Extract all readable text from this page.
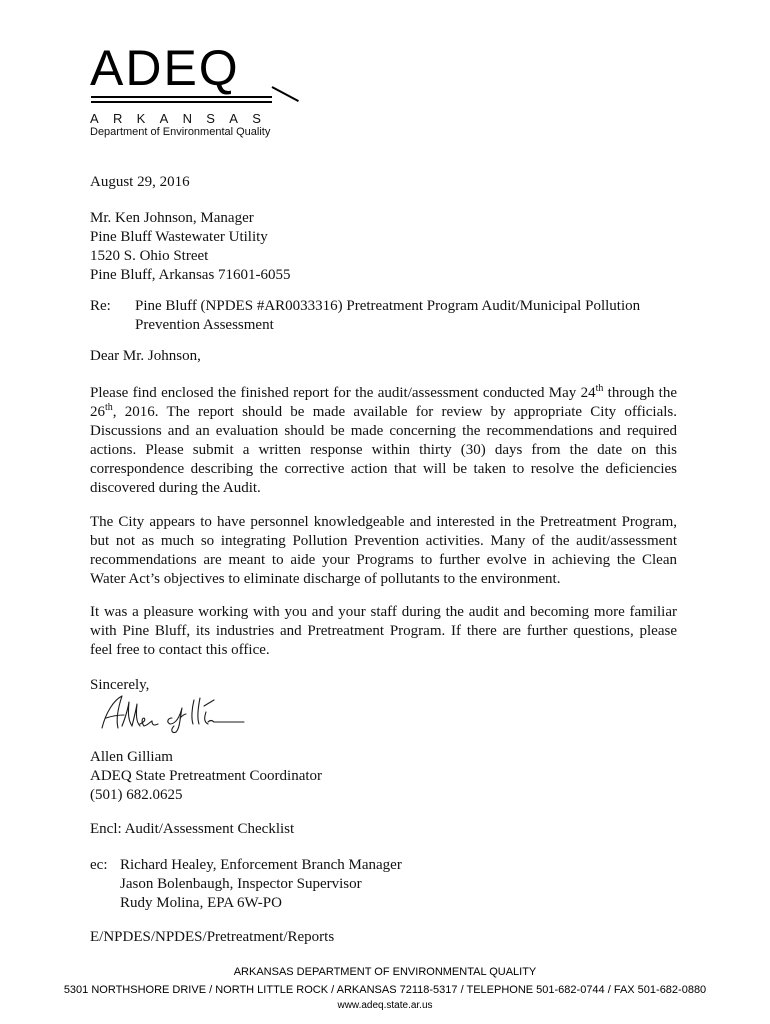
ADEQ
ARKANSAS
Department of Environmental Quality
August 29, 2016
Mr. Ken Johnson, Manager
Pine Bluff Wastewater Utility
1520 S. Ohio Street
Pine Bluff, Arkansas 71601-6055
Re: Pine Bluff (NPDES #AR0033316) Pretreatment Program Audit/Municipal Pollution
Prevention Assessment
Dear Mr. Johnson,
Please find enclosed the finished report for the audit/assessment conducted May 24th through the
26th, 2016. The report should be made available for review by appropriate City officials.
Discussions and an evaluation should be made concerning the recommendations and required
actions. Please submit a written response within thirty (30) days from the date on this
correspondence describing the corrective action that will be taken to resolve the deficiencies
discovered during the Audit.
The City appears to have personnel knowledgeable and interested in the Pretreatment Program,
but not as much so integrating Pollution Prevention activities. Many of the audit/assessment
recommendations are meant to aide your Programs to further evolve in achieving the Clean
Water Act’s objectives to eliminate discharge of pollutants to the environment.
It was a pleasure working with you and your staff during the audit and becoming more familiar
with Pine Bluff, its industries and Pretreatment Program. If there are further questions, please
feel free to contact this office.
Sincerely,
Allen Gilliam
ADEQ State Pretreatment Coordinator
(501) 682.0625
Encl: Audit/Assessment Checklist
ec: Richard Healey, Enforcement Branch Manager
Jason Bolenbaugh, Inspector Supervisor
Rudy Molina, EPA 6W-PO
E/NPDES/NPDES/Pretreatment/Reports
ARKANSAS DEPARTMENT OF ENVIRONMENTAL QUALITY
5301 NORTHSHORE DRIVE / NORTH LITTLE ROCK / ARKANSAS 72118-5317 / TELEPHONE 501-682-0744 / FAX 501-682-0880
www.adeq.state.ar.us
